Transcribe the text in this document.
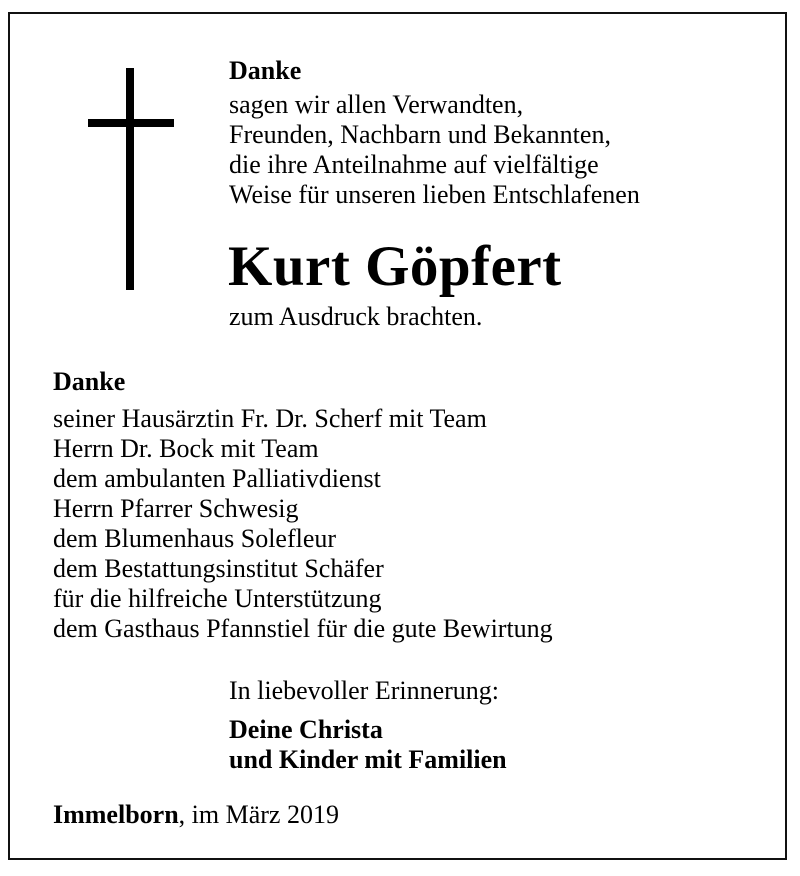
Danke
sagen wir allen Verwandten,
Freunden, Nachbarn und Bekannten,
die ihre Anteilnahme auf vielfältige
Weise für unseren lieben Entschlafenen
Kurt Göpfert
zum Ausdruck brachten.
Danke
seiner Hausärztin Fr. Dr. Scherf mit Team
Herrn Dr. Bock mit Team
dem ambulanten Palliativdienst
Herrn Pfarrer Schwesig
dem Blumenhaus Solefleur
dem Bestattungsinstitut Schäfer
für die hilfreiche Unterstützung
dem Gasthaus Pfannstiel für die gute Bewirtung
In liebevoller Erinnerung:
Deine Christa
und Kinder mit Familien
Immelborn, im März 2019
